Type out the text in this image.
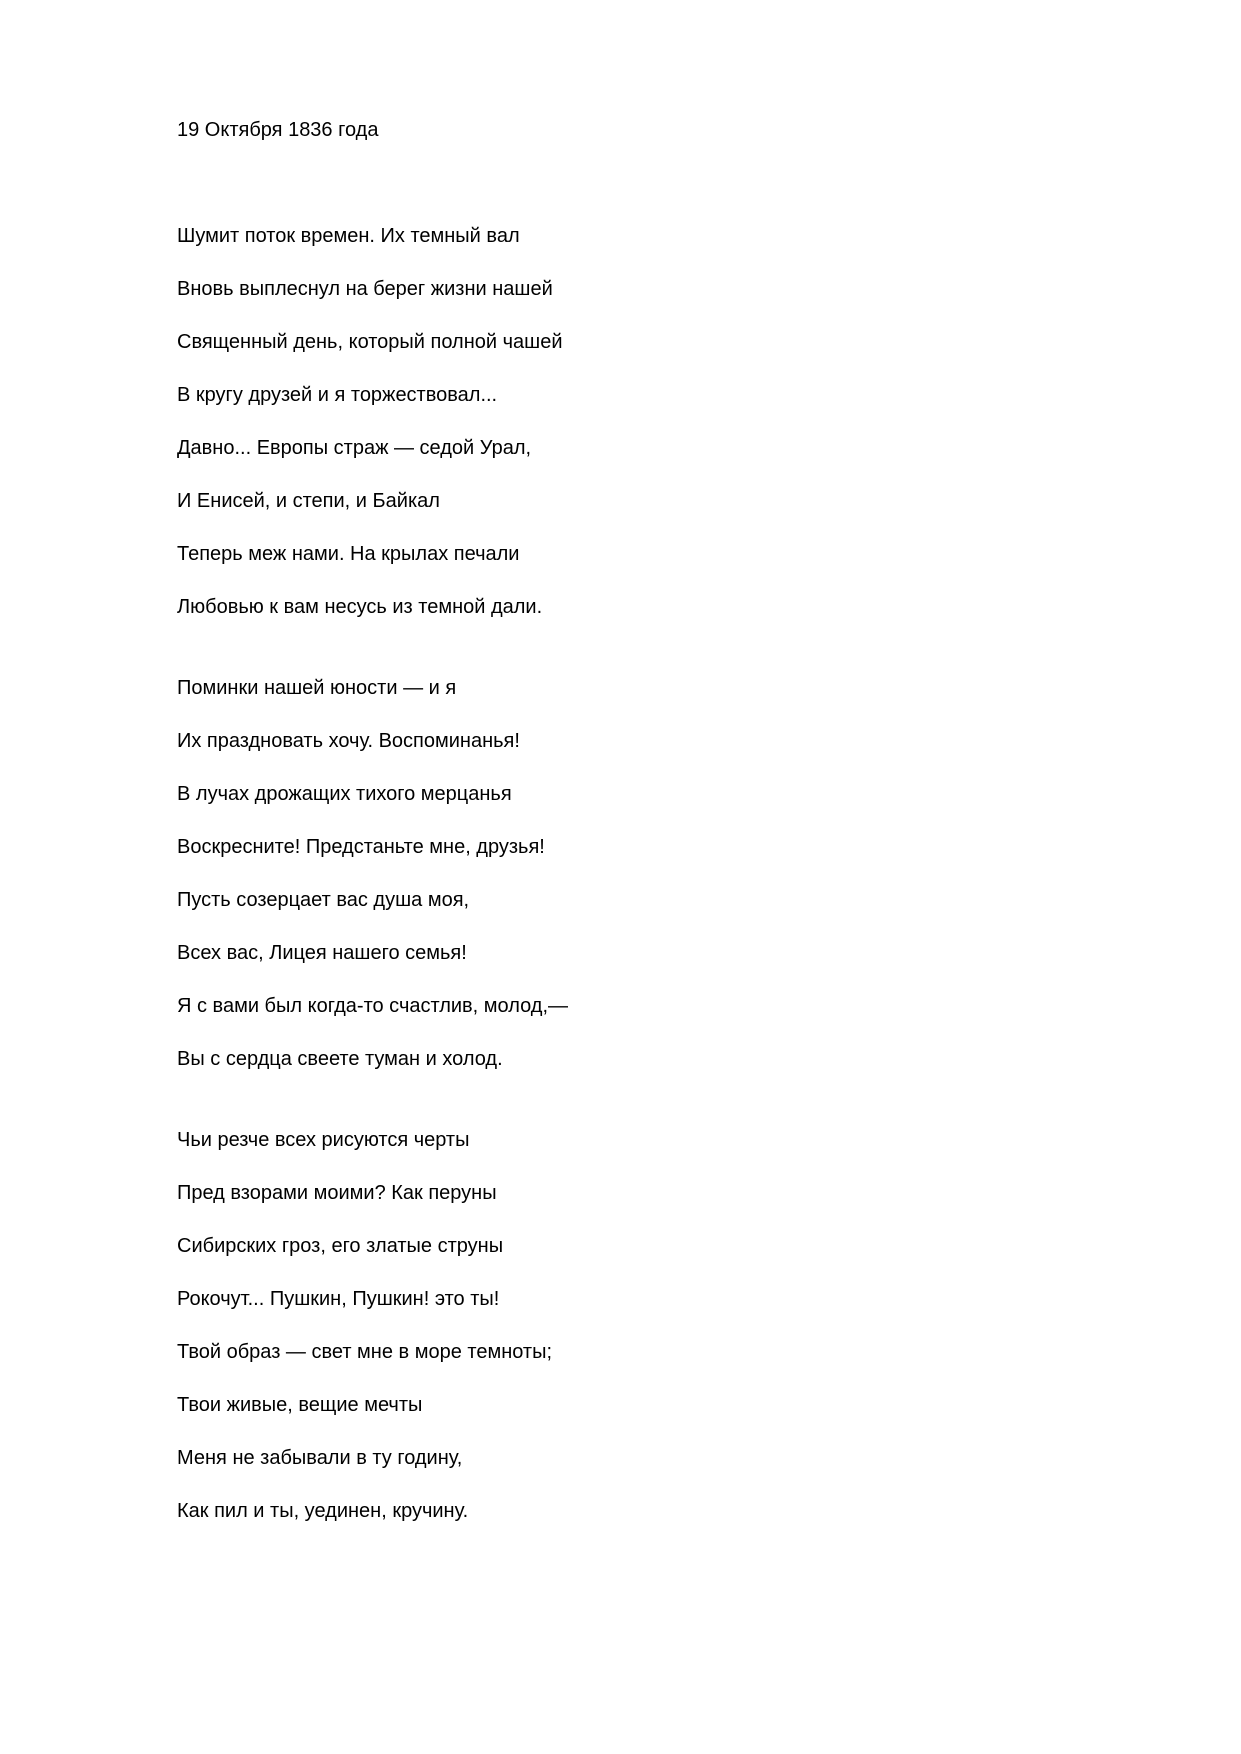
19 Октября 1836 года

Шумит поток времен. Их темный вал
Вновь выплеснул на берег жизни нашей
Священный день, который полной чашей
В кругу друзей и я торжествовал...
Давно... Европы страж — седой Урал,
И Енисей, и степи, и Байкал
Теперь меж нами. На крылах печали
Любовью к вам несусь из темной дали.
Поминки нашей юности — и я
Их праздновать хочу. Воспоминанья!
В лучах дрожащих тихого мерцанья
Воскресните! Предстаньте мне, друзья!
Пусть созерцает вас душа моя,
Всех вас, Лицея нашего семья!
Я с вами был когда-то счастлив, молод,—
Вы с сердца свеете туман и холод.
Чьи резче всех рисуются черты
Пред взорами моими? Как перуны
Сибирских гроз, его златые струны
Рокочут... Пушкин, Пушкин! это ты!
Твой образ — свет мне в море темноты;
Твои живые, вещие мечты
Меня не забывали в ту годину,
Как пил и ты, уединен, кручину.
